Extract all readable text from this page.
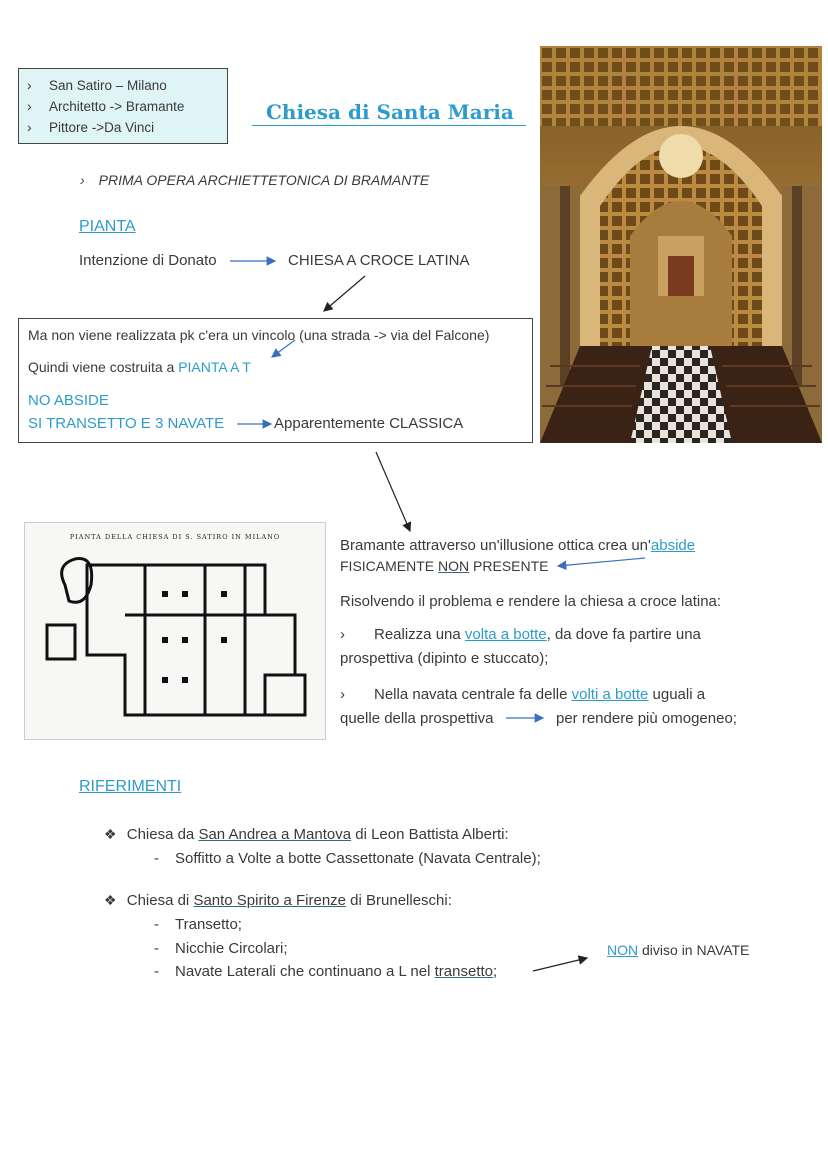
› San Satiro – Milano
› Architetto -> Bramante
› Pittore ->Da Vinci
Chiesa di Santa Maria
› PRIMA OPERA ARCHIETTETONICA DI BRAMANTE
PIANTA
Intenzione di Donato	CHIESA A CROCE LATINA
Ma non viene realizzata pk c'era un vincolo (una strada -> via del Falcone)
Quindi viene costruita a PIANTA A T
NO ABSIDE
SI TRANSETTO E 3 NAVATE	Apparentemente CLASSICA
PIANTA DELLA CHIESA DI S. SATIRO IN MILANO	Bramante attraverso un'illusione ottica crea un'abside
FISICAMENTE NON PRESENTE
Risolvendo il problema e rendere la chiesa a croce latina:
› Realizza una volta a botte, da dove fa partire una
prospettiva (dipinto e stuccato);
› Nella navata centrale fa delle volti a botte uguali a
quelle della prospettiva	per rendere più omogeneo;
RIFERIMENTI
❖ Chiesa da San Andrea a Mantova di Leon Battista Alberti:
- Soffitto a Volte a botte Cassettonate (Navata Centrale);
❖ Chiesa di Santo Spirito a Firenze di Brunelleschi:
- Transetto;
- Nicchie Circolari;
- Navate Laterali che continuano a L nel transetto;
NON diviso in NAVATE
